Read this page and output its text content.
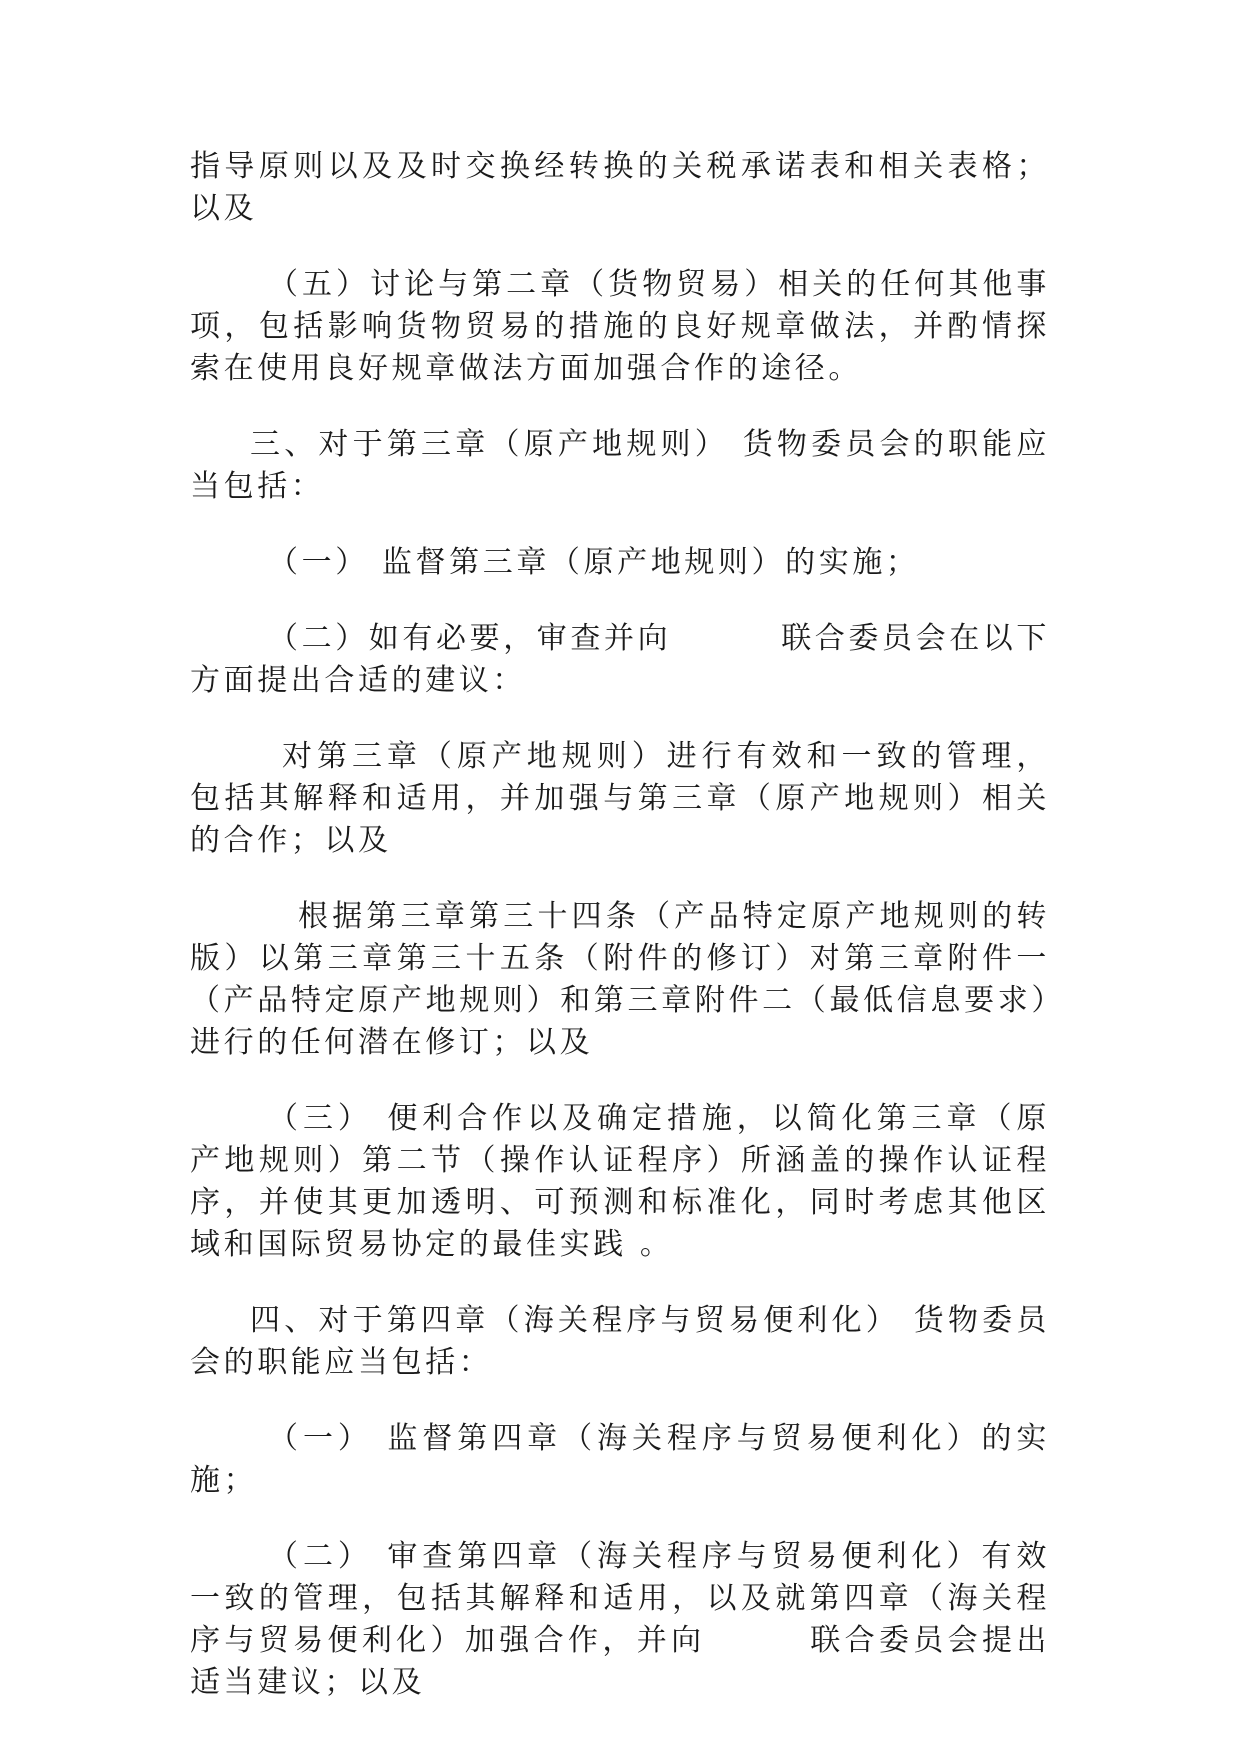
指导原则以及及时交换经转换的关税承诺表和相关表格；以及

（五）讨论与第二章（货物贸易）相关的任何其他事项，包括影响货物贸易的措施的良好规章做法，并酌情探索在使用良好规章做法方面加强合作的途径。

三、对于第三章（原产地规则） 货物委员会的职能应当包括：

（一） 监督第三章（原产地规则）的实施；

（二）如有必要，审查并向	联合委员会在以下方面提出合适的建议：

对第三章（原产地规则）进行有效和一致的管理，包括其解释和适用，并加强与第三章（原产地规则）相关的合作；以及

根据第三章第三十四条（产品特定原产地规则的转版）以第三章第三十五条（附件的修订）对第三章附件一（产品特定原产地规则）和第三章附件二（最低信息要求）进行的任何潜在修订；以及

（三） 便利合作以及确定措施，以简化第三章（原产地规则）第二节（操作认证程序）所涵盖的操作认证程序，并使其更加透明、可预测和标准化，同时考虑其他区域和国际贸易协定的最佳实践 。

四、对于第四章（海关程序与贸易便利化） 货物委员会的职能应当包括：

（一） 监督第四章（海关程序与贸易便利化）的实施；

（二） 审查第四章（海关程序与贸易便利化）有效一致的管理，包括其解释和适用，以及就第四章（海关程序与贸易便利化）加强合作，并向	联合委员会提出适当建议；以及
